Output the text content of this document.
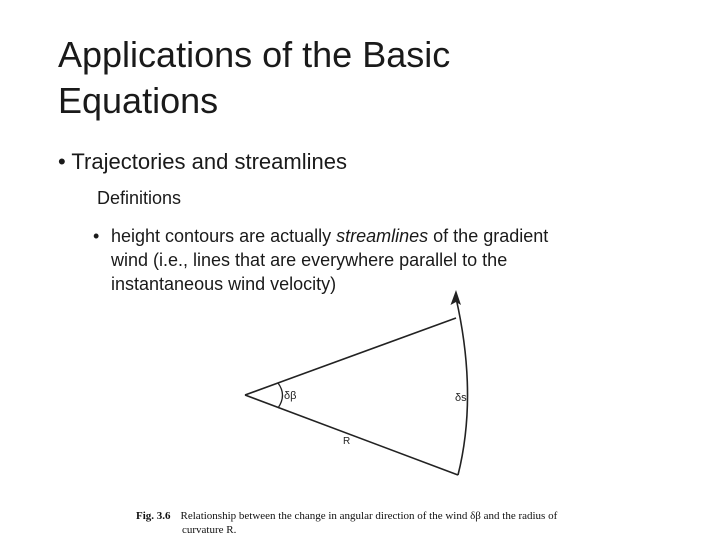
Applications of the Basic
Equations
• Trajectories and streamlines
Definitions
• height contours are actually streamlines of the gradient
wind (i.e., lines that are everywhere parallel to the
instantaneous wind velocity)
δβ	δs
R
Fig. 3.6 Relationship between the change in angular direction of the wind δβ and the radius of
curvature R.
